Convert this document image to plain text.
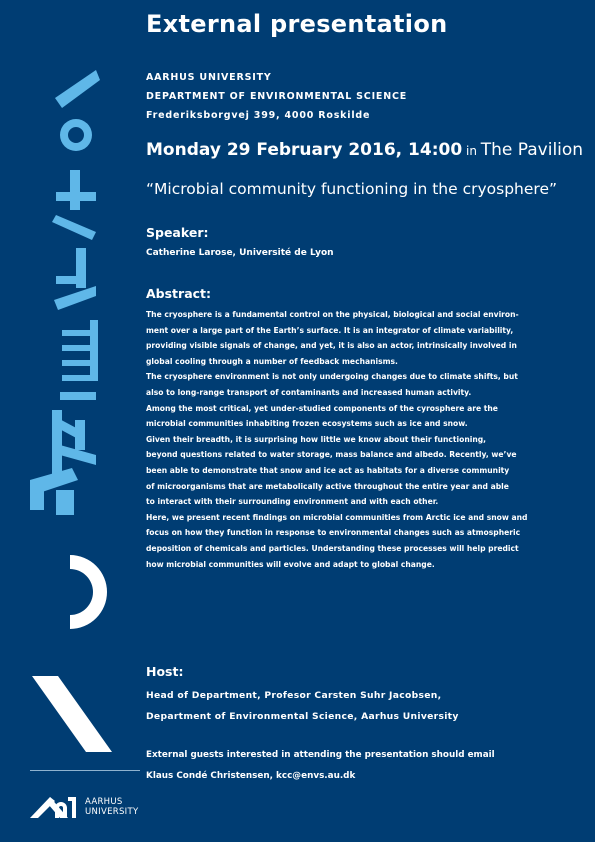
External presentation
AARHUS UNIVERSITY
DEPARTMENT OF ENVIRONMENTAL SCIENCE
Frederiksborgvej 399, 4000 Roskilde
Monday 29 February 2016, 14:00 in The Pavilion
“Microbial community functioning in the cryosphere”
Speaker:
Catherine Larose, Université de Lyon
Abstract:

The cryosphere is a fundamental control on the physical, biological and social environ-

ment over a large part of the Earth’s surface. It is an integrator of climate variability,

providing visible signals of change, and yet, it is also an actor, intrinsically involved in

global cooling through a number of feedback mechanisms.

The cryosphere environment is not only undergoing changes due to climate shifts, but

also to long-range transport of contaminants and increased human activity.

Among the most critical, yet under-studied components of the cyrosphere are the

microbial communities inhabiting frozen ecosystems such as ice and snow.

Given their breadth, it is surprising how little we know about their functioning,

beyond questions related to water storage, mass balance and albedo. Recently, we’ve

been able to demonstrate that snow and ice act as habitats for a diverse community

of microorganisms that are metabolically active throughout the entire year and able

to interact with their surrounding environment and with each other.

Here, we present recent findings on microbial communities from Arctic ice and snow and

focus on how they function in response to environmental changes such as atmospheric

deposition of chemicals and particles. Understanding these processes will help predict

how microbial communities will evolve and adapt to global change.

Host:
Head of Department, Profesor Carsten Suhr Jacobsen,
Department of Environmental Science, Aarhus University
External guests interested in attending the presentation should email
Klaus Condé Christensen, kcc@envs.au.dk
AARHUS
UNIVERSITY
